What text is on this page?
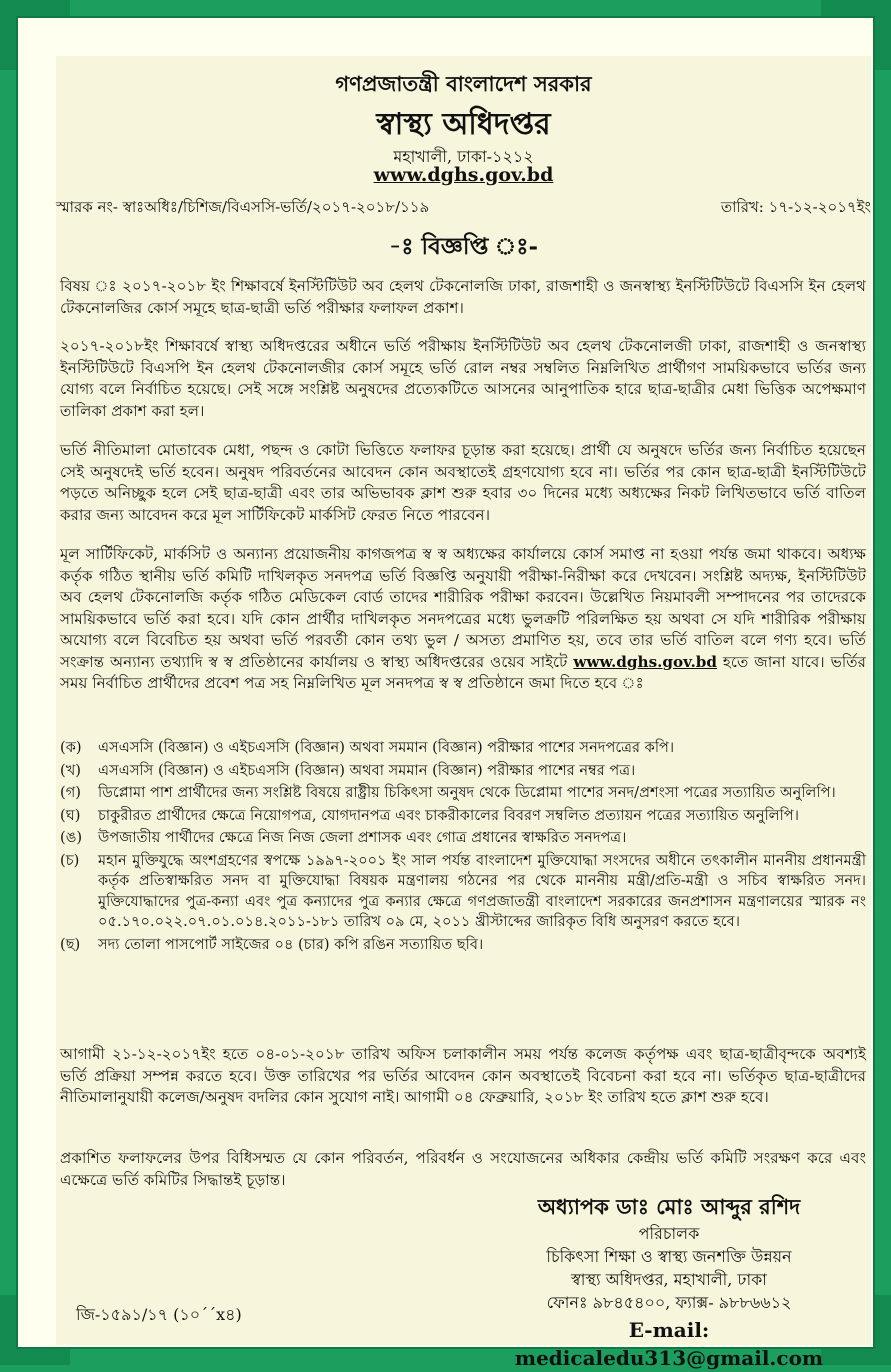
গণপ্রজাতন্ত্রী বাংলাদেশ সরকার
স্বাস্থ্য অধিদপ্তর
মহাখালী, ঢাকা-১২১২
www.dghs.gov.bd
স্মারক নং- স্বাঃঅধিঃ/চিশিজ/বিএসসি-ভর্তি/২০১৭-২০১৮/১১৯	তারিখ: ১৭-১২-২০১৭ইং
-ঃ বিজ্ঞপ্তি ঃ-
বিষয় ঃ ২০১৭-২০১৮ ইং শিক্ষাবর্ষে ইনস্টিটিউট অব হেলথ টেকনোলজি ঢাকা, রাজশাহী ও জনস্বাস্থ্য ইনস্টিটিউটে বিএসসি ইন হেলথ টেকনোলজির কোর্স সমূহে ছাত্র-ছাত্রী ভর্তি পরীক্ষার ফলাফল প্রকাশ।
২০১৭-২০১৮ইং শিক্ষাবর্ষে স্বাস্থ্য অধিদপ্তরের অধীনে ভর্তি পরীক্ষায় ইনস্টিটিউট অব হেলথ টেকনোলজী ঢাকা, রাজশাহী ও জনস্বাস্থ্য ইনস্টিটিউটে বিএসপি ইন হেলথ টেকনোলজীর কোর্স সমূহে ভর্তি রোল নম্বর সম্বলিত নিম্নলিখিত প্রার্থীগণ সাময়িকভাবে ভর্তির জন্য যোগ্য বলে নির্বাচিত হয়েছে। সেই সঙ্গে সংশ্লিষ্ট অনুষদের প্রত্যেকটিতে আসনের আনুপাতিক হারে ছাত্র-ছাত্রীর মেধা ভিত্তিক অপেক্ষমাণ তালিকা প্রকাশ করা হল।
ভর্তি নীতিমালা মোতাবেক মেধা, পছন্দ ও কোটা ভিত্তিতে ফলাফর চূড়ান্ত করা হয়েছে। প্রার্থী যে অনুষদে ভর্তির জন্য নির্বাচিত হয়েছেন সেই অনুষদেই ভর্তি হবেন। অনুষদ পরিবর্তনের আবেদন কোন অবস্থাতেই গ্রহণযোগ্য হবে না। ভর্তির পর কোন ছাত্র-ছাত্রী ইনস্টিটিউটে পড়তে অনিচ্ছুক হলে সেই ছাত্র-ছাত্রী এবং তার অভিভাবক ক্লাশ শুরু হবার ৩০ দিনের মধ্যে অধ্যক্ষের নিকট লিখিতভাবে ভর্তি বাতিল করার জন্য আবেদন করে মূল সার্টিফিকেট মার্কসিট ফেরত নিতে পারবেন।
মূল সার্টিফিকেট, মার্কসিট ও অন্যান্য প্রয়োজনীয় কাগজপত্র স্ব স্ব অধ্যক্ষের কার্যালয়ে কোর্স সমাপ্ত না হওয়া পর্যন্ত জমা থাকবে। অধ্যক্ষ কর্তৃক গঠিত স্থানীয় ভর্তি কমিটি দাখিলকৃত সনদপত্র ভর্তি বিজ্ঞপ্তি অনুযায়ী পরীক্ষা-নিরীক্ষা করে দেখবেন। সংশ্লিষ্ট অদ্যক্ষ, ইনস্টিটিউট অব হেলথ টেকনোলজি কর্তৃক গঠিত মেডিকেল বোর্ড তাদের শারীরিক পরীক্ষা করবেন। উল্লেখিত নিয়মাবলী সম্পাদনের পর তাদেরকে সাময়িকভাবে ভর্তি করা হবে। যদি কোন প্রার্থীর দাখিলকৃত সনদপত্রের মধ্যে ভুলক্রটি পরিলক্ষিত হয় অথবা সে যদি শারীরিক পরীক্ষায় অযোগ্য বলে বিবেচিত হয় অথবা ভর্তি পরবর্তী কোন তথ্য ভুল / অসত্য প্রমাণিত হয়, তবে তার ভর্তি বাতিল বলে গণ্য হবে। ভর্তি সংক্রান্ত অন্যান্য তথ্যাদি স্ব স্ব প্রতিষ্ঠানের কার্যালয় ও স্বাস্থ্য অধিদপ্তরের ওয়েব সাইটে www.dghs.gov.bd হতে জানা যাবে। ভর্তির সময় নির্বাচিত প্রার্থীদের প্রবেশ পত্র সহ নিম্নলিখিত মূল সনদপত্র স্ব স্ব প্রতিষ্ঠানে জমা দিতে হবে ঃ
(ক)	এসএসসি (বিজ্ঞান) ও এইচএসসি (বিজ্ঞান) অথবা সমমান (বিজ্ঞান) পরীক্ষার পাশের সনদপত্রের কপি।
(খ)	এসএসসি (বিজ্ঞান) ও এইচএসসি (বিজ্ঞান) অথবা সমমান (বিজ্ঞান) পরীক্ষার পাশের নম্বর পত্র।
(গ)	ডিপ্লোমা পাশ প্রার্থীদের জন্য সংশ্লিষ্ট বিষয়ে রাষ্ট্রীয় চিকিৎসা অনুষদ থেকে ডিপ্লোমা পাশের সনদ/প্রশংসা পত্রের সত্যায়িত অনুলিপি।
(ঘ)	চাকুরীরত প্রার্থীদের ক্ষেত্রে নিয়োগপত্র, যোগদানপত্র এবং চাকরীকালের বিবরণ সম্বলিত প্রত্যায়ন পত্রের সত্যায়িত অনুলিপি।
(ঙ)	উপজাতীয় পার্থীদের ক্ষেত্রে নিজ নিজ জেলা প্রশাসক এবং গোত্র প্রধানের স্বাক্ষরিত সনদপত্র।
(চ)	মহান মুক্তিযুদ্ধে অংশগ্রহণের স্বপক্ষে ১৯৯৭-২০০১ ইং সাল পর্যন্ত বাংলাদেশ মুক্তিযোদ্ধা সংসদের অধীনে তৎকালীন মাননীয় প্রধানমন্ত্রী কর্তৃক প্রতিস্বাক্ষরিত সনদ বা মুক্তিযোদ্ধা বিষয়ক মন্ত্রণালয় গঠনের পর থেকে মাননীয় মন্ত্রী/প্রতি-মন্ত্রী ও সচিব স্বাক্ষরিত সনদ। মুক্তিযোদ্ধাদের পুত্র-কন্যা এবং পুত্র কন্যাদের পুত্র কন্যার ক্ষেত্রে গণপ্রজাতন্ত্রী বাংলাদেশ সরকারের জনপ্রশাসন মন্ত্রণালয়ের স্মারক নং ০৫.১৭০.০২২.০৭.০১.০১৪.২০১১-১৮১ তারিখ ০৯ মে, ২০১১ খ্রীস্টাব্দের জারিকৃত বিধি অনুসরণ করতে হবে।
(ছ)	সদ্য তোলা পাসপোর্ট সাইজের ০৪ (চার) কপি রঙিন সত্যায়িত ছবি।
আগামী ২১-১২-২০১৭ইং হতে ০৪-০১-২০১৮ তারিখ অফিস চলাকালীন সময় পর্যন্ত কলেজ কর্তৃপক্ষ এবং ছাত্র-ছাত্রীবৃন্দকে অবশ্যই ভর্তি প্রক্রিয়া সম্পন্ন করতে হবে। উক্ত তারিখের পর ভর্তির আবেদন কোন অবস্থাতেই বিবেচনা করা হবে না। ভর্তিকৃত ছাত্র-ছাত্রীদের নীতিমালানুযায়ী কলেজ/অনুষদ বদলির কোন সুযোগ নাই। আগামী ০৪ ফেব্রুয়ারি, ২০১৮ ইং তারিখ হতে ক্লাশ শুরু হবে।
প্রকাশিত ফলাফলের উপর বিধিসম্মত যে কোন পরিবর্তন, পরিবর্ধন ও সংযোজনের অধিকার কেন্দ্রীয় ভর্তি কমিটি সংরক্ষণ করে এবং এক্ষেত্রে ভর্তি কমিটির সিদ্ধান্তই চূড়ান্ত।
অধ্যাপক ডাঃ মোঃ আব্দুর রশিদ
পরিচালক
চিকিৎসা শিক্ষা ও স্বাস্থ্য জনশক্তি উন্নয়ন
স্বাস্থ্য অধিদপ্তর, মহাখালী, ঢাকা
ফোনঃ ৯৮৪৫৪০০, ফ্যাক্স- ৯৮৮৬৬১২
E-mail: medicaledu313@gmail.com
জি-১৫৯১/১৭ (১০´´x৪)
